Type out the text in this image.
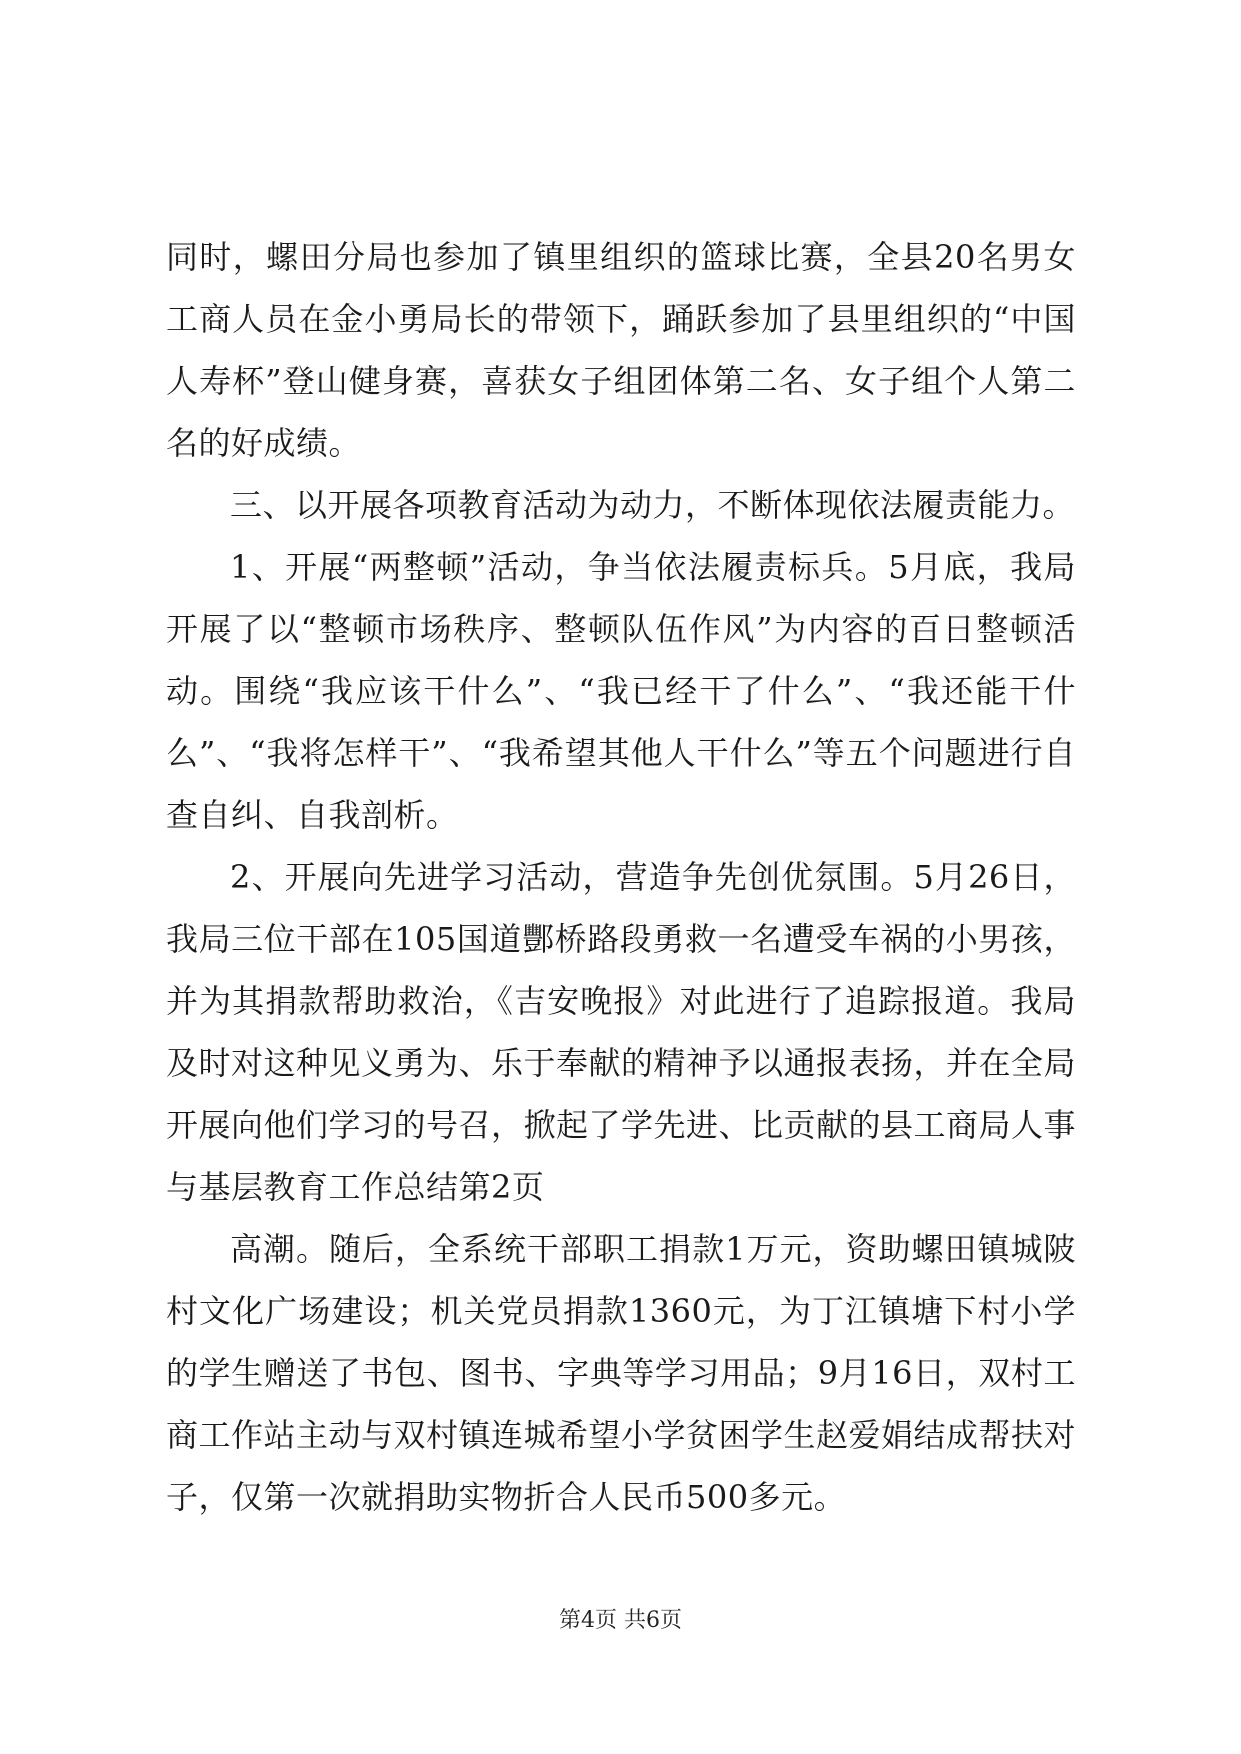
同时，螺田分局也参加了镇里组织的篮球比赛，全县20名男女工商人员在金小勇局长的带领下，踊跃参加了县里组织的“中国人寿杯”登山健身赛，喜获女子组团体第二名、女子组个人第二名的好成绩。

三、以开展各项教育活动为动力，不断体现依法履责能力。

1、开展“两整顿”活动，争当依法履责标兵。5月底，我局开展了以“整顿市场秩序、整顿队伍作风”为内容的百日整顿活动。围绕“我应该干什么”、“我已经干了什么”、“我还能干什么”、“我将怎样干”、“我希望其他人干什么”等五个问题进行自查自纠、自我剖析。

2、开展向先进学习活动，营造争先创优氛围。5月26日，我局三位干部在105国道酆桥路段勇救一名遭受车祸的小男孩，并为其捐款帮助救治，《吉安晚报》对此进行了追踪报道。我局及时对这种见义勇为、乐于奉献的精神予以通报表扬，并在全局开展向他们学习的号召，掀起了学先进、比贡献的县工商局人事与基层教育工作总结第2页

高潮。随后，全系统干部职工捐款1万元，资助螺田镇城陂村文化广场建设；机关党员捐款1360元，为丁江镇塘下村小学的学生赠送了书包、图书、字典等学习用品；9月16日，双村工商工作站主动与双村镇连城希望小学贫困学生赵爱娟结成帮扶对子，仅第一次就捐助实物折合人民币500多元。

第4页 共6页
